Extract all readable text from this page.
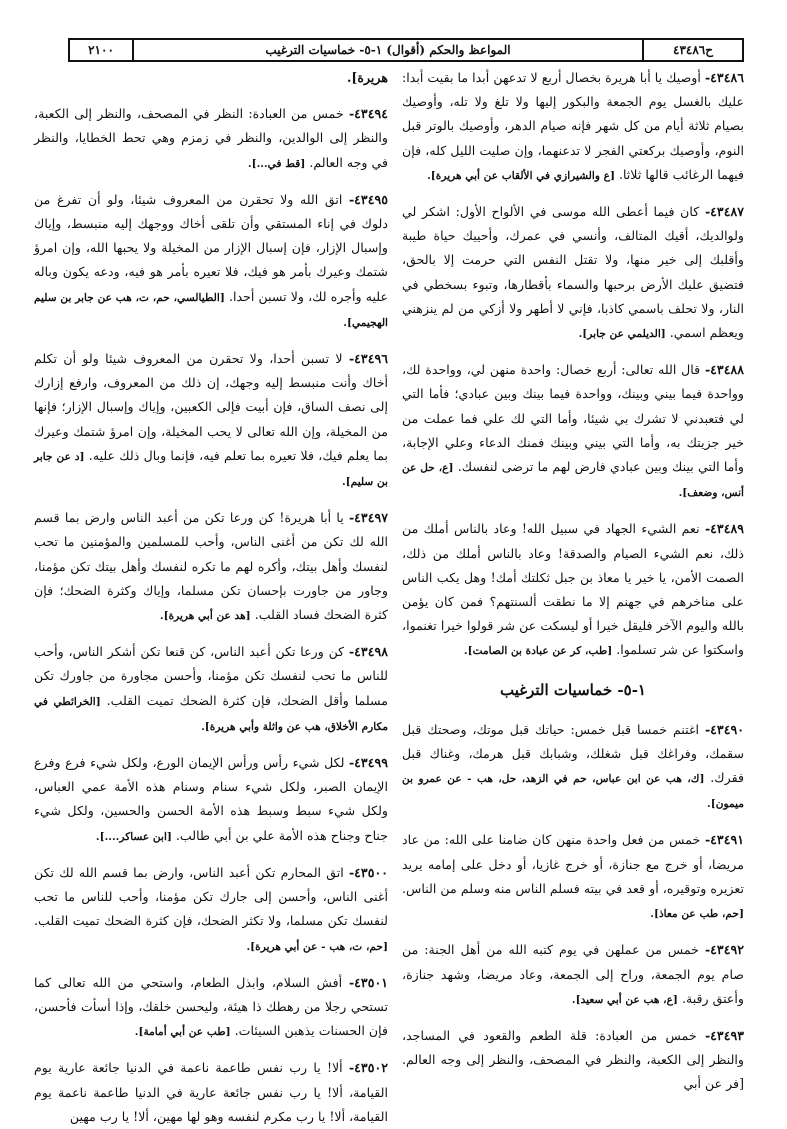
ح٤٣٤٨٦
المواعظ والحكم (أقوال) ١-٥- خماسيات الترغيب
٢١٠٠

٤٣٤٨٦- أوصيك يا أبا هريرة بخصال أربع لا تدعهن أبدا ما بقيت أبدا: عليك بالغسل يوم الجمعة والبكور إليها ولا تلغ ولا تله، وأوصيك بصيام ثلاثة أيام من كل شهر فإنه صيام الدهر، وأوصيك بالوتر قبل النوم، وأوصيك بركعتي الفجر لا تدعنهما، وإن صليت الليل كله، فإن فيهما الرغائب قالها ثلاثا. [ع والشيرازي في الألقاب عن أبي هريرة].

٤٣٤٨٧- كان فيما أعطى الله موسى في الألواح الأول: اشكر لي ولوالديك، أقيك المتالف، وأنسي في عمرك، وأحييك حياة طيبة وأقلبك إلى خير منها، ولا تقتل النفس التي حرمت إلا بالحق، فتضيق عليك الأرض برحبها والسماء بأقطارها، وتبوء بسخطي في النار، ولا تحلف باسمي كاذبا، فإني لا أطهر ولا أزكي من لم ينزهني ويعظم اسمي. [الديلمي عن جابر].

٤٣٤٨٨- قال الله تعالى: أربع خصال: واحدة منهن لي، وواحدة لك، وواحدة فيما بيني وبينك، وواحدة فيما بينك وبين عبادي؛ فأما التي لي فتعبدني لا تشرك بي شيئا، وأما التي لك علي فما عملت من خير جزيتك به، وأما التي بيني وبينك فمنك الدعاء وعلي الإجابة، وأما التي بينك وبين عبادي فارض لهم ما ترضى لنفسك. [ع، حل عن أنس، وضعف].

٤٣٤٨٩- نعم الشيء الجهاد في سبيل الله! وعاد بالناس أملك من ذلك، نعم الشيء الصيام والصدقة! وعاد بالناس أملك من ذلك، الصمت الأمن، يا خير يا معاذ بن جبل ثكلتك أمك! وهل يكب الناس على مناخرهم في جهنم إلا ما نطقت ألسنتهم؟ فمن كان يؤمن بالله واليوم الآخر فليقل خيرا أو ليسكت عن شر قولوا خيرا تغنموا، واسكتوا عن شر تسلموا. [طب، كر عن عبادة بن الصامت].

١-٥- خماسيات الترغيب

٤٣٤٩٠- اغتنم خمسا قبل خمس: حياتك قبل موتك، وصحتك قبل سقمك، وفراغك قبل شغلك، وشبابك قبل هرمك، وغناك قبل فقرك. [ك، هب عن ابن عباس، حم في الزهد، حل، هب - عن عمرو بن ميمون].

٤٣٤٩١- خمس من فعل واحدة منهن كان ضامنا على الله: من عاد مريضا، أو خرج مع جنازة، أو خرج غازيا، أو دخل على إمامه يريد تعزيره وتوقيره، أو قعد في بيته فسلم الناس منه وسلم من الناس. [حم، طب عن معاذ].

٤٣٤٩٢- خمس من عملهن في يوم كتبه الله من أهل الجنة: من صام يوم الجمعة، وراح إلى الجمعة، وعاد مريضا، وشهد جنازة، وأعتق رقبة. [ع، هب عن أبي سعيد].

٤٣٤٩٣- خمس من العبادة: قلة الطعم والقعود في المساجد، والنظر إلى الكعبة، والنظر في المصحف، والنظر إلى وجه العالم. [فر عن أبي

هريرة].

٤٣٤٩٤- خمس من العبادة: النظر في المصحف، والنظر إلى الكعبة، والنظر إلى الوالدين، والنظر في زمزم وهي تحط الخطايا، والنظر في وجه العالم. [قط في...].

٤٣٤٩٥- اتق الله ولا تحقرن من المعروف شيئا، ولو أن تفرغ من دلوك في إناء المستقي وأن تلقى أخاك ووجهك إليه منبسط، وإياك وإسبال الإزار، فإن إسبال الإزار من المخيلة ولا يحبها الله، وإن امرؤ شتمك وعيرك بأمر هو فيك، فلا تعيره بأمر هو فيه، ودعه يكون وباله عليه وأجره لك، ولا تسبن أحدا. [الطيالسي، حم، ت، هب عن جابر بن سليم الهجيمي].

٤٣٤٩٦- لا تسبن أحدا، ولا تحقرن من المعروف شيئا ولو أن تكلم أخاك وأنت منبسط إليه وجهك، إن ذلك من المعروف، وارفع إزارك إلى نصف الساق، فإن أبيت فإلى الكعبين، وإياك وإسبال الإزار؛ فإنها من المخيلة، وإن الله تعالى لا يحب المخيلة، وإن امرؤ شتمك وعيرك بما يعلم فيك، فلا تعيره بما تعلم فيه، فإنما وبال ذلك عليه. [د عن جابر بن سليم].

٤٣٤٩٧- يا أبا هريرة! كن ورعا تكن من أعبد الناس وارض بما قسم الله لك تكن من أغنى الناس، وأحب للمسلمين والمؤمنين ما تحب لنفسك وأهل بيتك، وأكره لهم ما تكره لنفسك وأهل بيتك تكن مؤمنا، وجاور من جاورت بإحسان تكن مسلما، وإياك وكثرة الضحك؛ فإن كثرة الضحك فساد القلب. [هد عن أبي هريرة].

٤٣٤٩٨- كن ورعا تكن أعبد الناس، كن قنعا تكن أشكر الناس، وأحب للناس ما تحب لنفسك تكن مؤمنا، وأحسن مجاورة من جاورك تكن مسلما وأقل الضحك، فإن كثرة الضحك تميت القلب. [الخرائطي في مكارم الأخلاق، هب عن واثلة وأبي هريرة].

٤٣٤٩٩- لكل شيء رأس ورأس الإيمان الورع، ولكل شيء فرع وفرع الإيمان الصبر، ولكل شيء سنام وسنام هذه الأمة عمي العباس، ولكل شيء سبط وسبط هذه الأمة الحسن والحسين، ولكل شيء جناح وجناح هذه الأمة علي بن أبي طالب. [ابن عساكر....].

٤٣٥٠٠- اتق المحارم تكن أعبد الناس، وارض بما قسم الله لك تكن أغنى الناس، وأحسن إلى جارك تكن مؤمنا، وأحب للناس ما تحب لنفسك تكن مسلما، ولا تكثر الضحك، فإن كثرة الضحك تميت القلب. [حم، ت، هب - عن أبي هريرة].

٤٣٥٠١- أفش السلام، وابذل الطعام، واستحي من الله تعالى كما تستحي رجلا من رهطك ذا هيئة، وليحسن خلقك، وإذا أسأت فأحسن، فإن الحسنات يذهبن السيئات. [طب عن أبي أمامة].

٤٣٥٠٢- ألا! يا رب نفس طاعمة ناعمة في الدنيا جائعة عارية يوم القيامة، ألا! يا رب نفس جائعة عارية في الدنيا طاعمة ناعمة يوم القيامة، ألا! يا رب مكرم لنفسه وهو لها مهين، ألا! يا رب مهين
